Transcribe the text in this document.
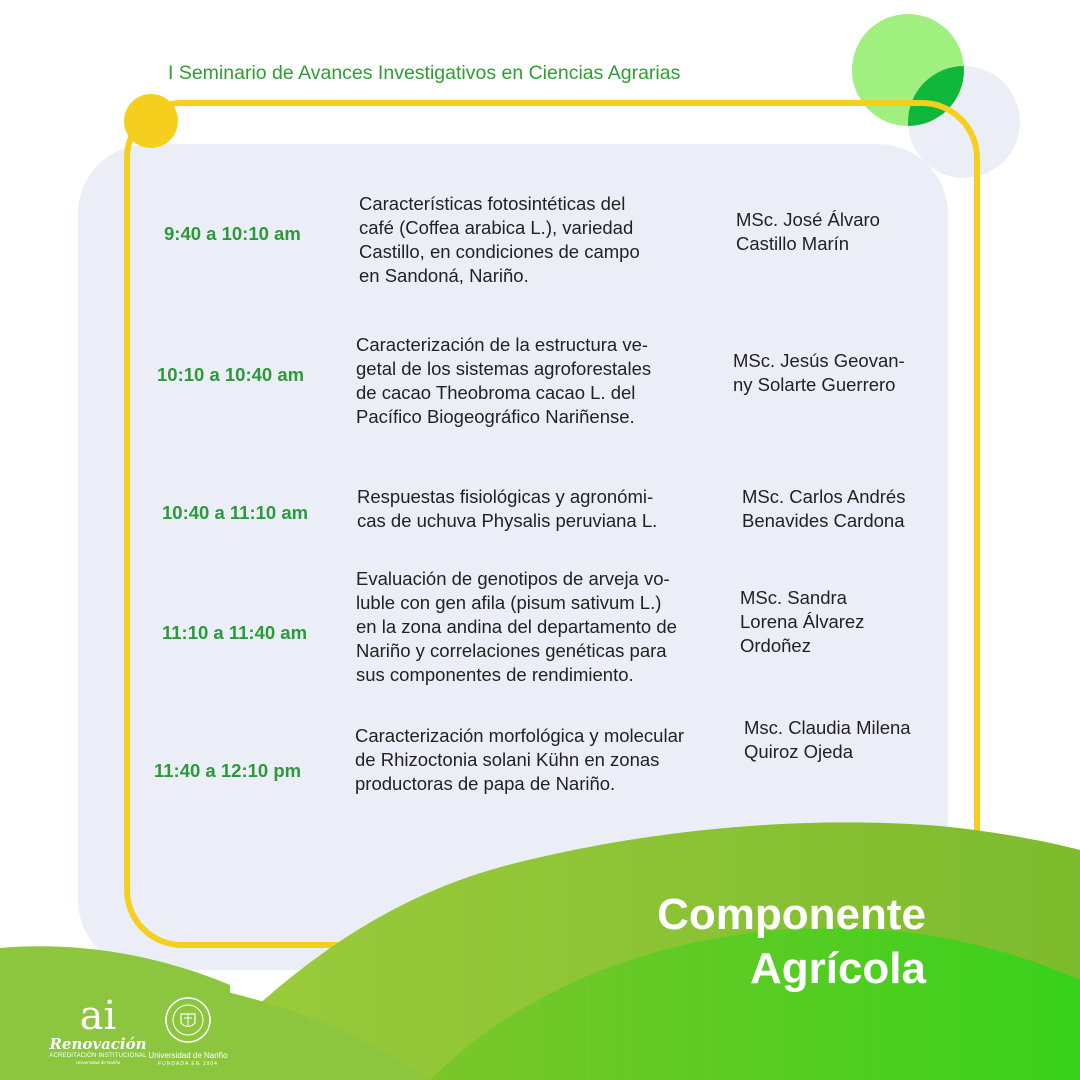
I Seminario de Avances Investigativos en Ciencias Agrarias
9:40 a 10:10 am
Características fotosintéticas del
café (Coffea arabica L.), variedad
Castillo, en condiciones de campo
en Sandoná, Nariño.
MSc. José Álvaro
Castillo Marín
10:10 a 10:40 am
Caracterización de la estructura ve-
getal de los sistemas agroforestales
de cacao Theobroma cacao L. del
Pacífico Biogeográfico Nariñense.
MSc. Jesús Geovan-
ny Solarte Guerrero
10:40 a 11:10 am
Respuestas fisiológicas y agronómi-
cas de uchuva Physalis peruviana L.
MSc. Carlos Andrés
Benavides Cardona
11:10 a 11:40 am
Evaluación de genotipos de arveja vo-
luble con gen afila (pisum sativum L.)
en la zona andina del departamento de
Nariño y correlaciones genéticas para
sus componentes de rendimiento.
MSc. Sandra
Lorena Álvarez
Ordoñez
11:40 a 12:10 pm
Caracterización morfológica y molecular
de Rhizoctonia solani Kühn en zonas
productoras de papa de Nariño.
Msc. Claudia Milena
Quiroz Ojeda
Componente
Agrícola
ai
Renovación
ACREDITACIÓN INSTITUCIONAL
Universidad de Nariño
Universidad de Nariño
FUNDADA EN 1904
